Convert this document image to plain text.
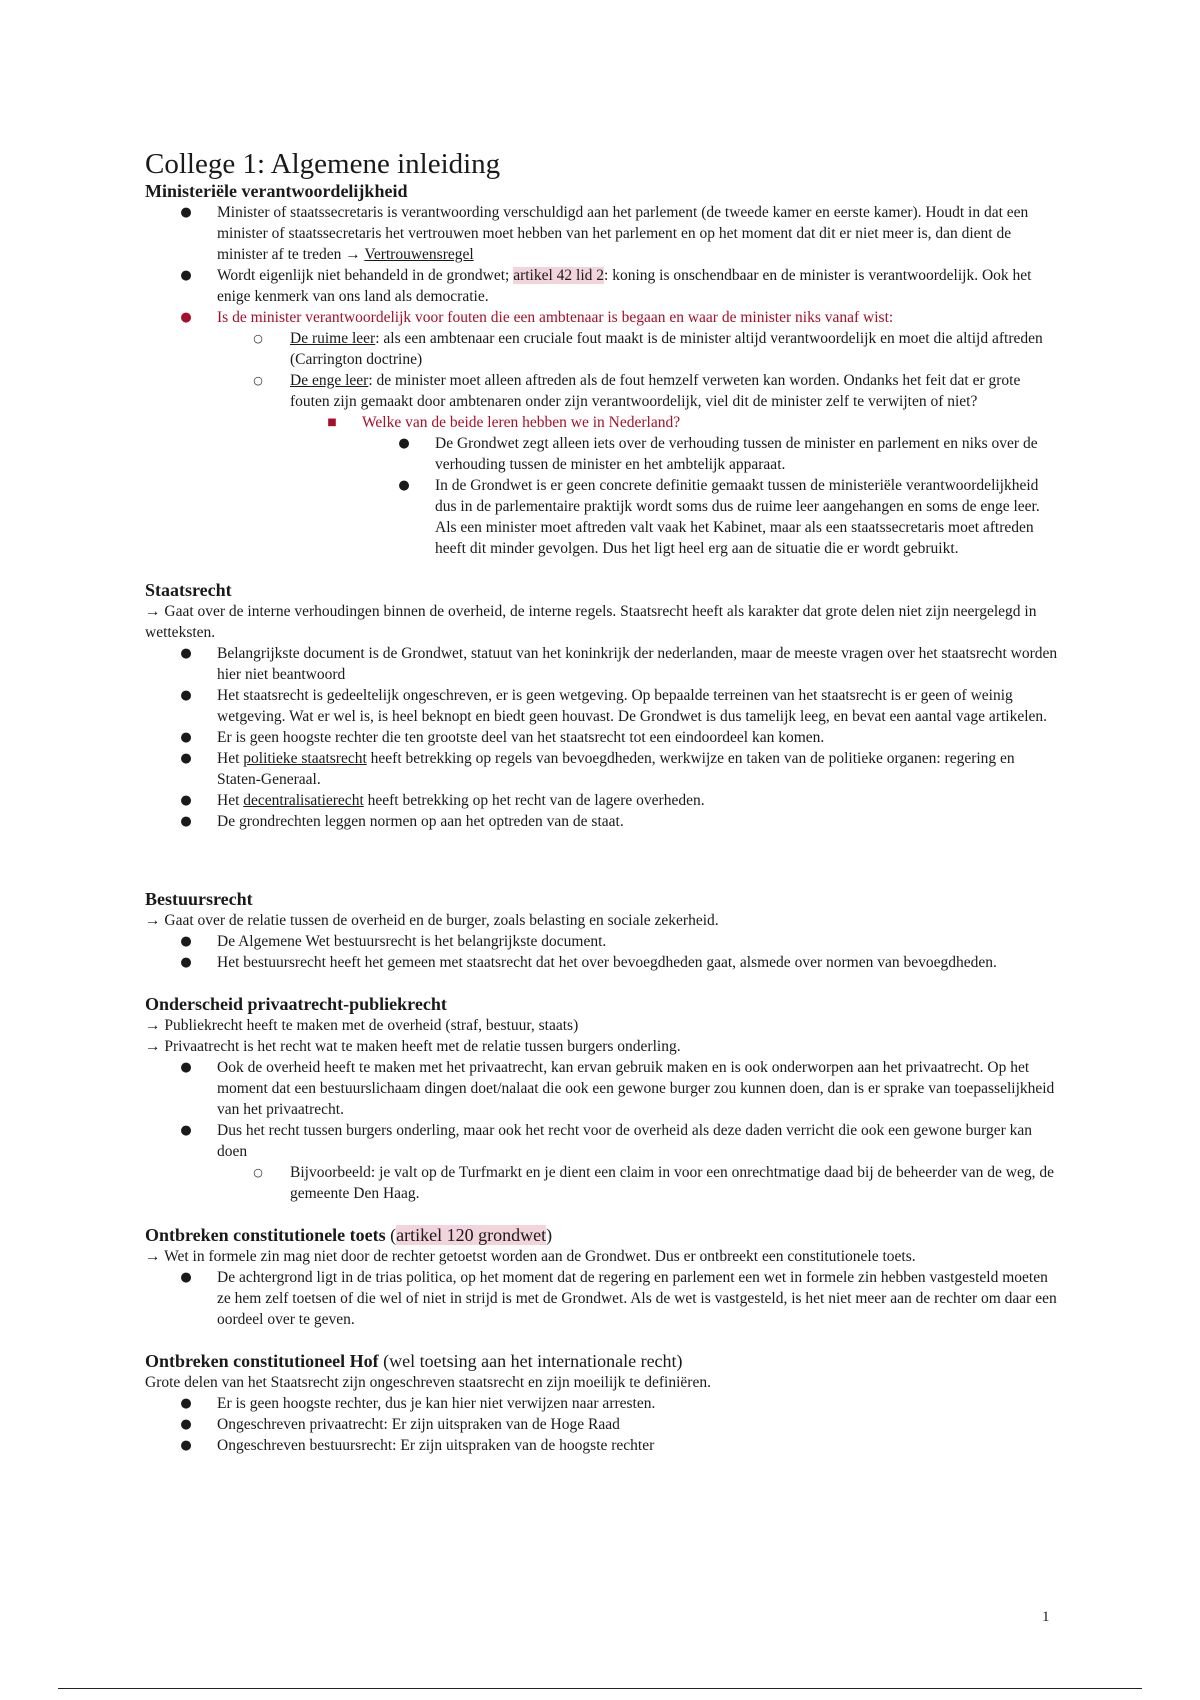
College 1: Algemene inleiding
Ministeriële verantwoordelijkheid
● Minister of staatssecretaris is verantwoording verschuldigd aan het parlement (de tweede kamer en eerste kamer). Houdt in dat een minister of staatssecretaris het vertrouwen moet hebben van het parlement en op het moment dat dit er niet meer is, dan dient de minister af te treden → Vertrouwensregel
● Wordt eigenlijk niet behandeld in de grondwet; artikel 42 lid 2: koning is onschendbaar en de minister is verantwoordelijk. Ook het enige kenmerk van ons land als democratie.
● Is de minister verantwoordelijk voor fouten die een ambtenaar is begaan en waar de minister niks vanaf wist:
○ De ruime leer: als een ambtenaar een cruciale fout maakt is de minister altijd verantwoordelijk en moet die altijd aftreden (Carrington doctrine)
○ De enge leer: de minister moet alleen aftreden als de fout hemzelf verweten kan worden. Ondanks het feit dat er grote fouten zijn gemaakt door ambtenaren onder zijn verantwoordelijk, viel dit de minister zelf te verwijten of niet?
■ Welke van de beide leren hebben we in Nederland?
● De Grondwet zegt alleen iets over de verhouding tussen de minister en parlement en niks over de verhouding tussen de minister en het ambtelijk apparaat.
● In de Grondwet is er geen concrete definitie gemaakt tussen de ministeriële verantwoordelijkheid dus in de parlementaire praktijk wordt soms dus de ruime leer aangehangen en soms de enge leer. Als een minister moet aftreden valt vaak het Kabinet, maar als een staatssecretaris moet aftreden heeft dit minder gevolgen. Dus het ligt heel erg aan de situatie die er wordt gebruikt.
Staatsrecht

→ Gaat over de interne verhoudingen binnen de overheid, de interne regels. Staatsrecht heeft als karakter dat grote delen niet zijn neergelegd in wetteksten.

● Belangrijkste document is de Grondwet, statuut van het koninkrijk der nederlanden, maar de meeste vragen over het staatsrecht worden hier niet beantwoord
● Het staatsrecht is gedeeltelijk ongeschreven, er is geen wetgeving. Op bepaalde terreinen van het staatsrecht is er geen of weinig wetgeving. Wat er wel is, is heel beknopt en biedt geen houvast. De Grondwet is dus tamelijk leeg, en bevat een aantal vage artikelen.
● Er is geen hoogste rechter die ten grootste deel van het staatsrecht tot een eindoordeel kan komen.
● Het politieke staatsrecht heeft betrekking op regels van bevoegdheden, werkwijze en taken van de politieke organen: regering en Staten-Generaal.
● Het decentralisatierecht heeft betrekking op het recht van de lagere overheden.
● De grondrechten leggen normen op aan het optreden van de staat.
Bestuursrecht

→ Gaat over de relatie tussen de overheid en de burger, zoals belasting en sociale zekerheid.

● De Algemene Wet bestuursrecht is het belangrijkste document.
● Het bestuursrecht heeft het gemeen met staatsrecht dat het over bevoegdheden gaat, alsmede over normen van bevoegdheden.
Onderscheid privaatrecht-publiekrecht

→ Publiekrecht heeft te maken met de overheid (straf, bestuur, staats)

→ Privaatrecht is het recht wat te maken heeft met de relatie tussen burgers onderling.

● Ook de overheid heeft te maken met het privaatrecht, kan ervan gebruik maken en is ook onderworpen aan het privaatrecht. Op het moment dat een bestuurslichaam dingen doet/nalaat die ook een gewone burger zou kunnen doen, dan is er sprake van toepasselijkheid van het privaatrecht.
● Dus het recht tussen burgers onderling, maar ook het recht voor de overheid als deze daden verricht die ook een gewone burger kan doen
○ Bijvoorbeeld: je valt op de Turfmarkt en je dient een claim in voor een onrechtmatige daad bij de beheerder van de weg, de gemeente Den Haag.
Ontbreken constitutionele toets (artikel 120 grondwet)

→ Wet in formele zin mag niet door de rechter getoetst worden aan de Grondwet. Dus er ontbreekt een constitutionele toets.

● De achtergrond ligt in de trias politica, op het moment dat de regering en parlement een wet in formele zin hebben vastgesteld moeten ze hem zelf toetsen of die wel of niet in strijd is met de Grondwet. Als de wet is vastgesteld, is het niet meer aan de rechter om daar een oordeel over te geven.
Ontbreken constitutioneel Hof (wel toetsing aan het internationale recht)

Grote delen van het Staatsrecht zijn ongeschreven staatsrecht en zijn moeilijk te definiëren.

● Er is geen hoogste rechter, dus je kan hier niet verwijzen naar arresten.
● Ongeschreven privaatrecht: Er zijn uitspraken van de Hoge Raad
● Ongeschreven bestuursrecht: Er zijn uitspraken van de hoogste rechter
1
